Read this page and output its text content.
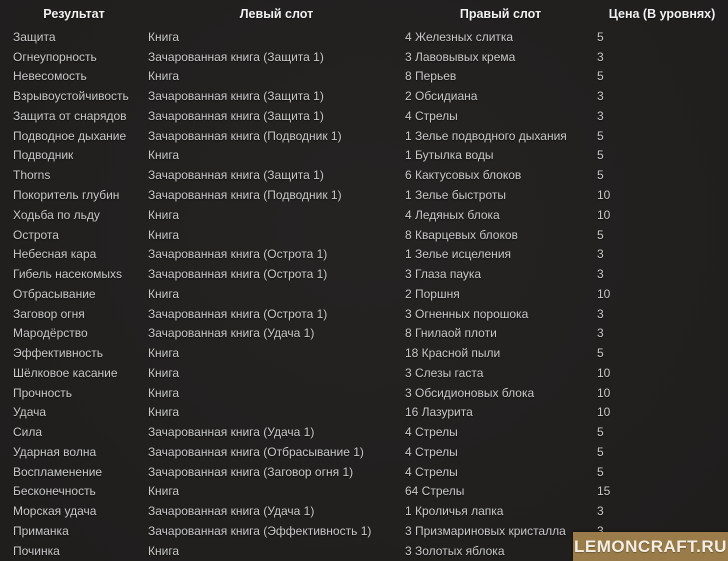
Результат	Левый слот	Правый слот	Цена (В уровнях)
Защита	Книга	4 Железных слитка	5
Огнеупорность	Зачарованная книга (Защита 1)	3 Лавовывых крема	3
Невесомость	Книга	8 Перьев	5
Взрывоустойчивость	Зачарованная книга (Защита 1)	2 Обсидиана	3
Защита от снарядов	Зачарованная книга (Защита 1)	4 Стрелы	3
Подводное дыхание	Зачарованная книга (Подводник 1)	1 Зелье подводного дыхания	5
Подводник	Книга	1 Бутылка воды	5
Thorns	Зачарованная книга (Защита 1)	6 Кактусовых блоков	5
Покоритель глубин	Зачарованная книга (Подводник 1)	1 Зелье быстроты	10
Ходьба по льду	Книга	4 Ледяных блока	10
Острота	Книга	8 Кварцевых блоков	5
Небесная кара	Зачарованная книга (Острота 1)	1 Зелье исцеления	3
Гибель насекомыхs	Зачарованная книга (Острота 1)	3 Глаза паука	3
Отбрасывание	Книга	2 Поршня	10
Заговор огня	Зачарованная книга (Острота 1)	3 Огненных порошока	3
Мародёрство	Зачарованная книга (Удача 1)	8 Гнилаой плоти	3
Эффективность	Книга	18 Красной пыли	5
Шёлковое касание	Книга	3 Слезы гаста	10
Прочность	Книга	3 Обсидионовых блока	10
Удача	Книга	16 Лазурита	10
Сила	Зачарованная книга (Удача 1)	4 Стрелы	5
Ударная волна	Зачарованная книга (Отбрасывание 1)	4 Стрелы	5
Воспламенение	Зачарованная книга (Заговор огня 1)	4 Стрелы	5
Бесконечность	Книга	64 Стрелы	15
Морская удача	Зачарованная книга (Удача 1)	1 Кроличья лапка	3
Приманка	Зачарованная книга (Эффективность 1)	3 Призмариновых кристалла
Починка	Книга	3 Золотых яблока	LEMONCRAFT.RU
